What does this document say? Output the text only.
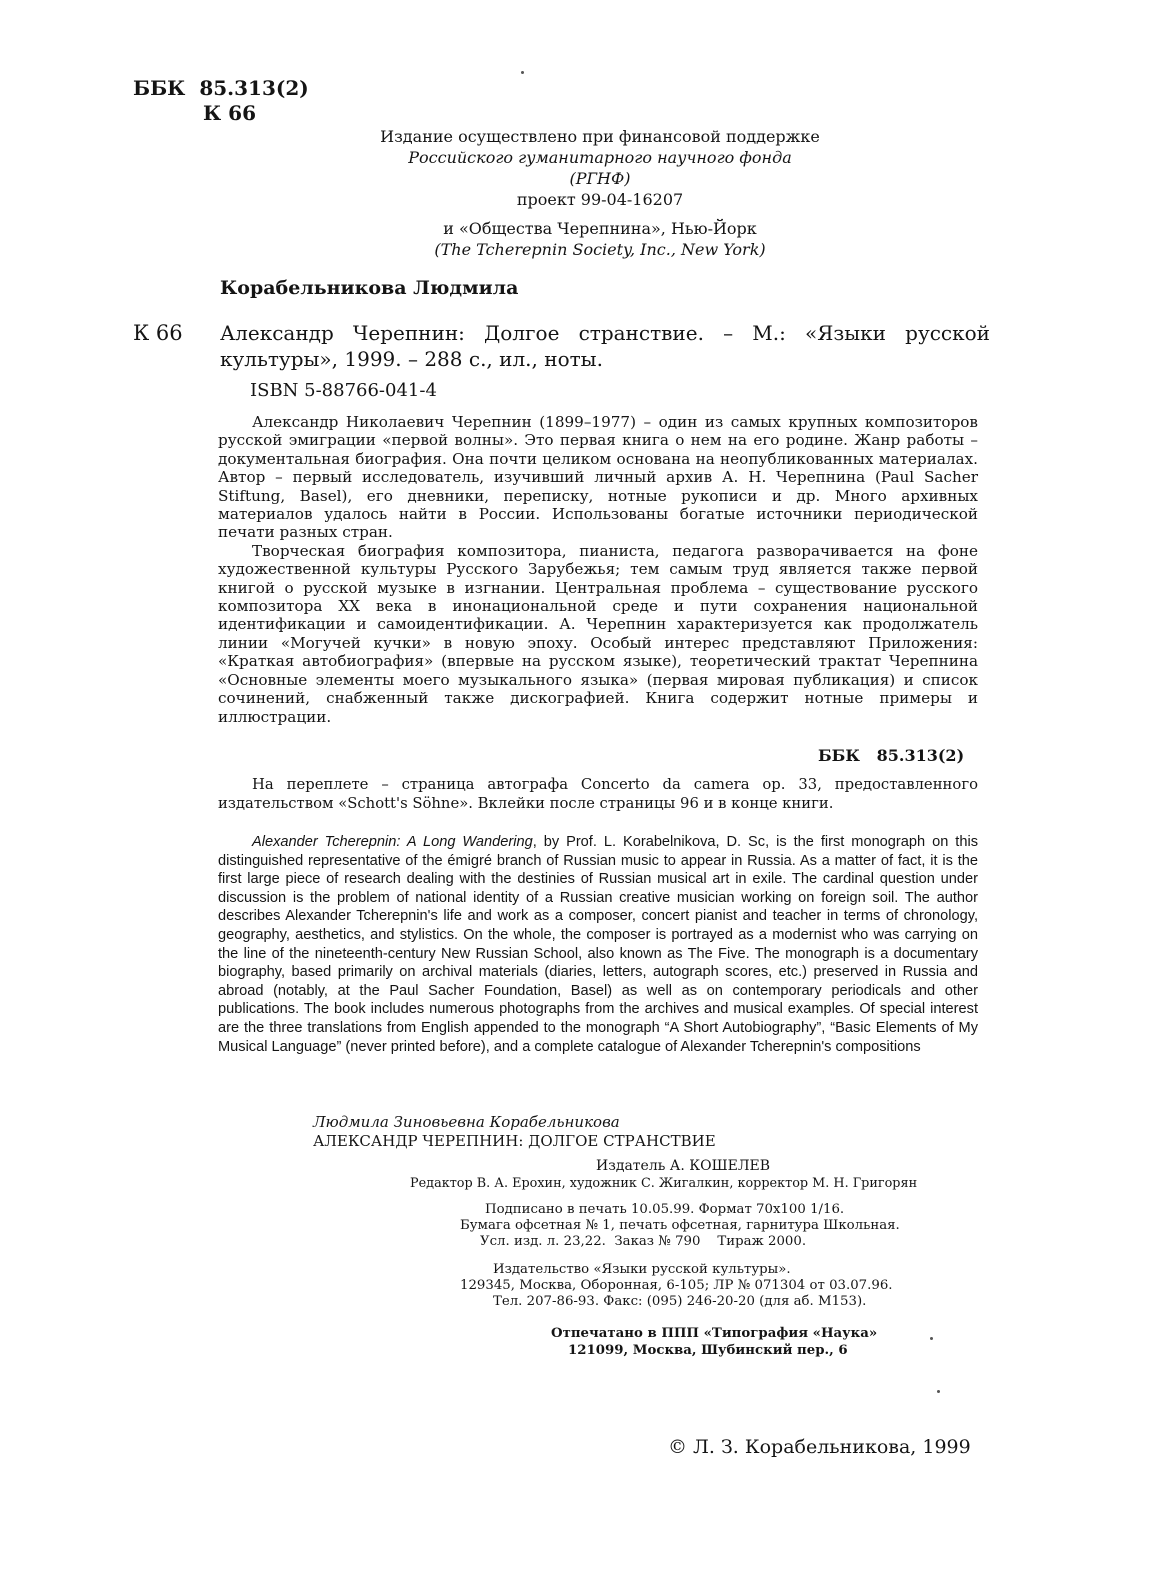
ББК 85.313(2)
К 66

Издание осуществлено при финансовой поддержке

Российского гуманитарного научного фонда

(РГНФ)

проект 99-04-16207

и «Общества Черепнина», Нью-Йорк

(The Tcherepnin Society, Inc., New York)

Корабельникова Людмила
К 66 Александр Черепнин: Долгое странствие. – М.: «Языки русской культуры», 1999. – 288 с., ил., ноты.
ISBN 5-88766-041-4

Александр Николаевич Черепнин (1899–1977) – один из самых крупных композиторов русской эмиграции «первой волны». Это первая книга о нем на его родине. Жанр работы – документальная биография. Она почти целиком основана на неопубликованных материалах. Автор – первый исследователь, изучивший личный архив А. Н. Черепнина (Paul Sacher Stiftung, Basel), его дневники, переписку, нотные рукописи и др. Много архивных материалов удалось найти в России. Использованы богатые источники периодической печати разных стран.

Творческая биография композитора, пианиста, педагога разворачивается на фоне художественной культуры Русского Зарубежья; тем самым труд является также первой книгой о русской музыке в изгнании. Центральная проблема – существование русского композитора XX века в инонациональной среде и пути сохранения национальной идентификации и самоидентификации. А. Черепнин характеризуется как продолжатель линии «Могучей кучки» в новую эпоху. Особый интерес представляют Приложения: «Краткая автобиография» (впервые на русском языке), теоретический трактат Черепнина «Основные элементы моего музыкального языка» (первая мировая публикация) и список сочинений, снабженный также дискографией. Книга содержит нотные примеры и иллюстрации.

ББК 85.313(2)
На переплете – страница автографа Concerto da camera op. 33, предоставленного издательством «Schott's Söhne». Вклейки после страницы 96 и в конце книги.
Alexander Tcherepnin: A Long Wandering, by Prof. L. Korabelnikova, D. Sc, is the first monograph on this distinguished representative of the émigré branch of Russian music to appear in Russia. As a matter of fact, it is the first large piece of research dealing with the destinies of Russian musical art in exile. The cardinal question under discussion is the problem of national identity of a Russian creative musician working on foreign soil. The author describes Alexander Tcherepnin's life and work as a composer, concert pianist and teacher in terms of chronology, geography, aesthetics, and stylistics. On the whole, the composer is portrayed as a modernist who was carrying on the line of the nineteenth-century New Russian School, also known as The Five. The monograph is a documentary biography, based primarily on archival materials (diaries, letters, autograph scores, etc.) preserved in Russia and abroad (notably, at the Paul Sacher Foundation, Basel) as well as on contemporary periodicals and other publications. The book includes numerous photographs from the archives and musical examples. Of special interest are the three translations from English appended to the monograph “A Short Autobiography”, “Basic Elements of My Musical Language” (never printed before), and a complete catalogue of Alexander Tcherepnin's compositions
Людмила Зиновьевна Корабельникова
АЛЕКСАНДР ЧЕРЕПНИН: ДОЛГОЕ СТРАНСТВИЕ
Издатель А. КОШЕЛЕВ
Редактор В. А. Ерохин, художник С. Жигалкин, корректор М. Н. Григорян
Подписано в печать 10.05.99. Формат 70х100 1/16.
Бумага офсетная № 1, печать офсетная, гарнитура Школьная.
Усл. изд. л. 23,22.  Заказ № 790    Тираж 2000.
Издательство «Языки русской культуры».
129345, Москва, Оборонная, 6-105; ЛР № 071304 от 03.07.96.
Тел. 207-86-93. Факс: (095) 246-20-20 (для аб. М153).
Отпечатано в ППП «Типография «Наука»
121099, Москва, Шубинский пер., 6
© Л. З. Корабельникова, 1999
